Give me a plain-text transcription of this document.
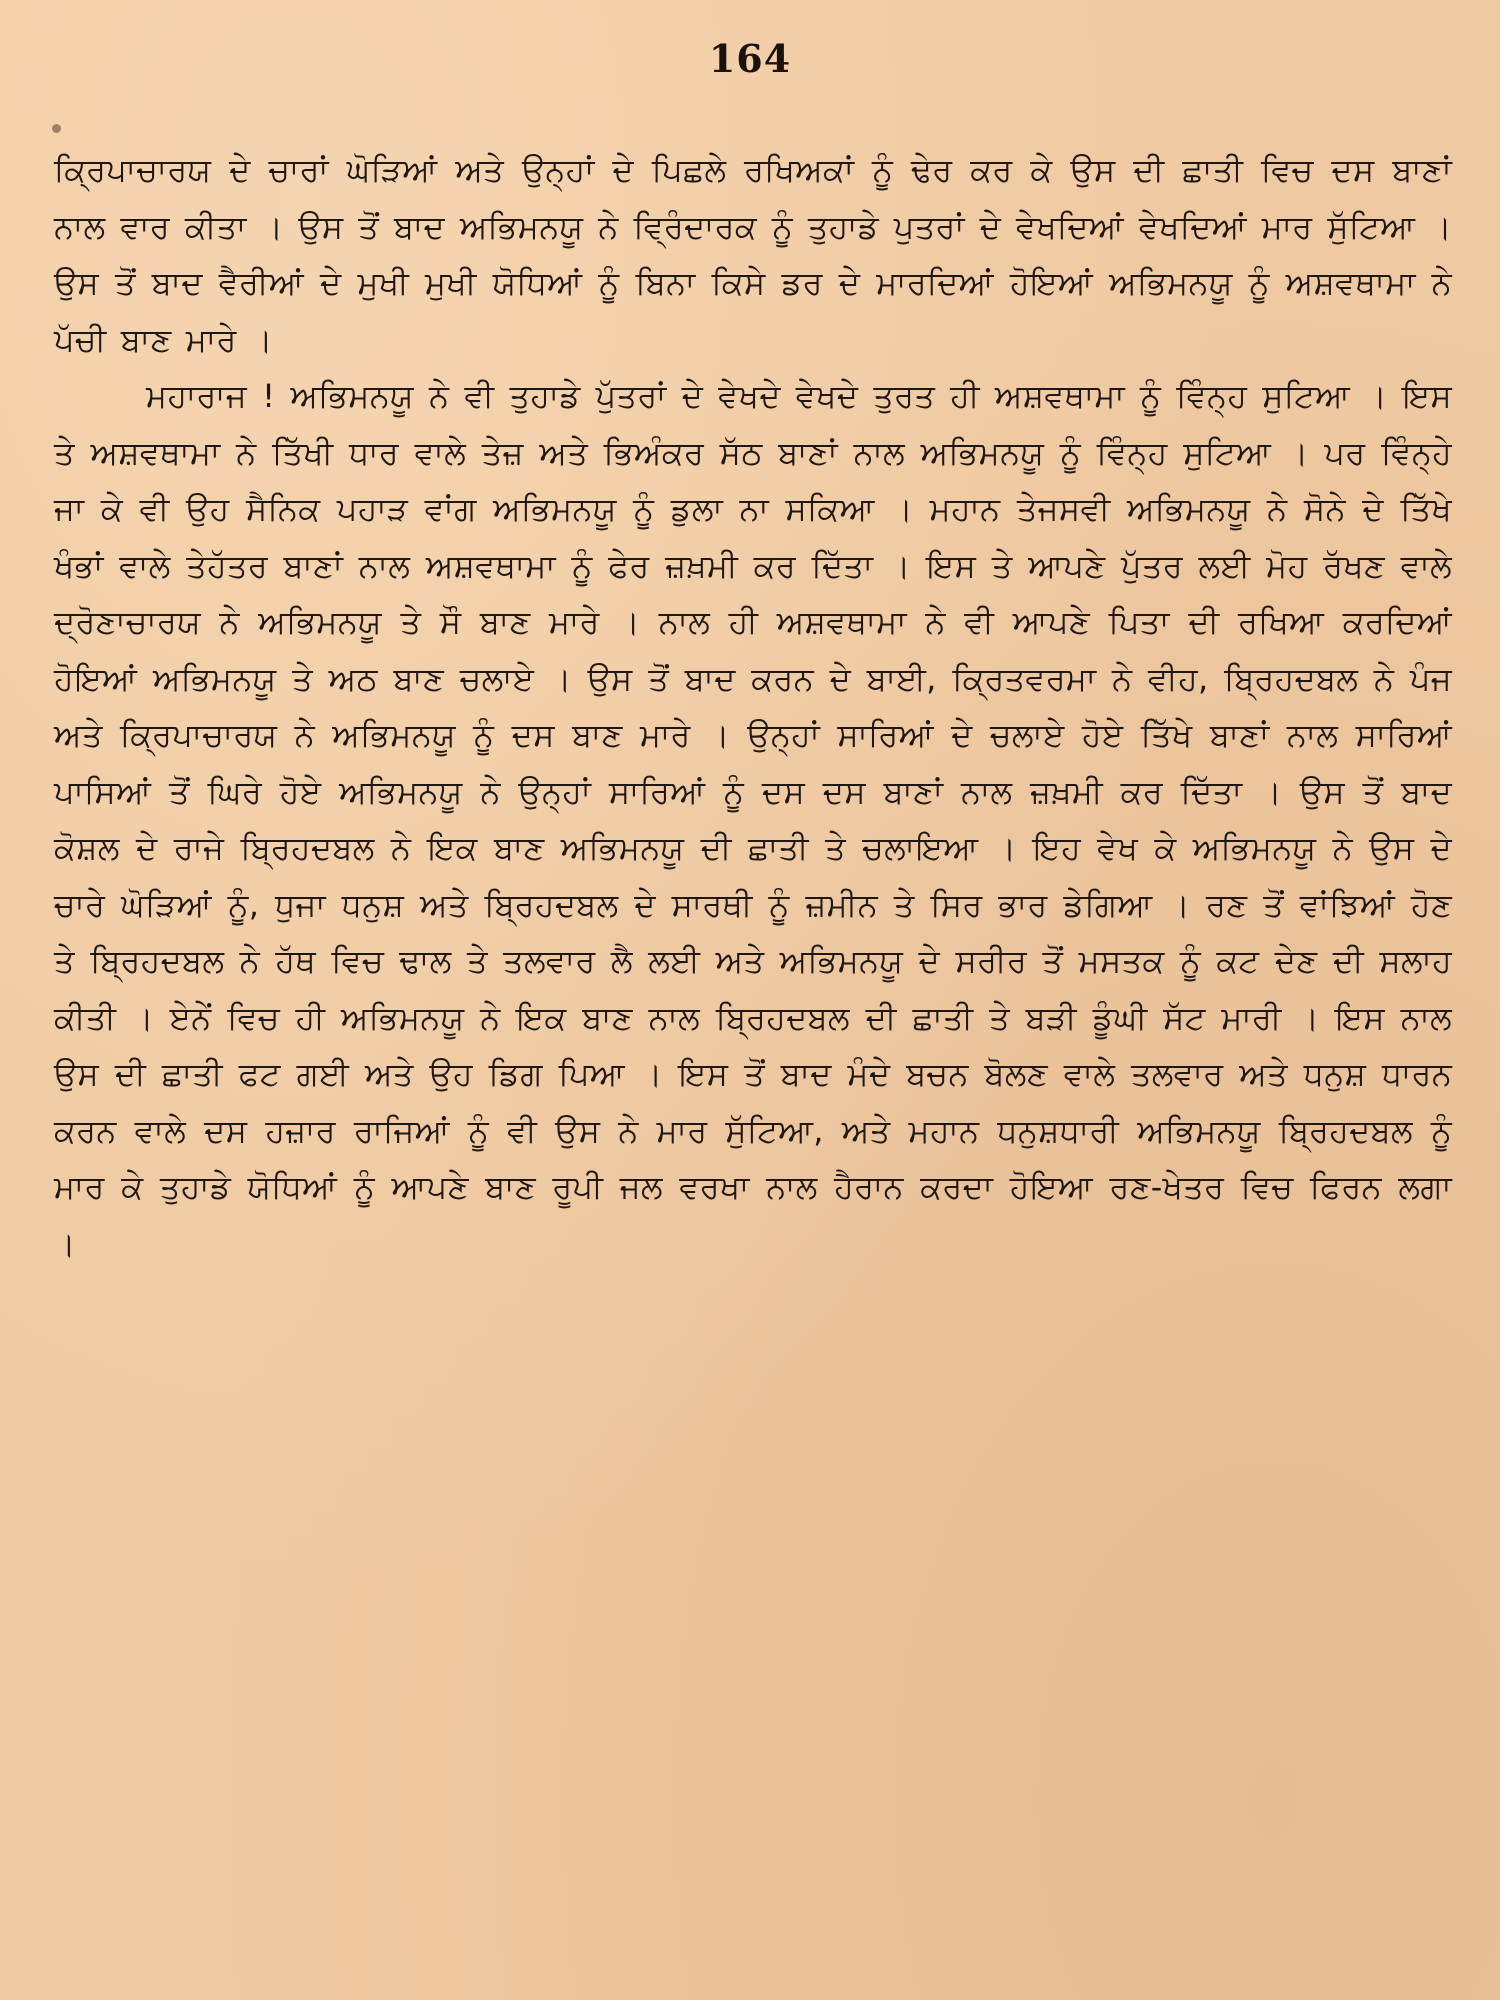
164

ਕ੍ਰਿਪਾਚਾਰਯ ਦੇ ਚਾਰਾਂ ਘੋੜਿਆਂ ਅਤੇ ਉਨ੍ਹਾਂ ਦੇ ਪਿਛਲੇ ਰਖਿਅਕਾਂ ਨੂੰ ਢੇਰ ਕਰ ਕੇ ਉਸ ਦੀ ਛਾਤੀ ਵਿਚ ਦਸ ਬਾਣਾਂ ਨਾਲ ਵਾਰ ਕੀਤਾ । ਉਸ ਤੋਂ ਬਾਦ ਅਭਿਮਨਯੂ ਨੇ ਵ੍ਰਿੰਦਾਰਕ ਨੂੰ ਤੁਹਾਡੇ ਪੁਤਰਾਂ ਦੇ ਵੇਖਦਿਆਂ ਵੇਖਦਿਆਂ ਮਾਰ ਸੁੱਟਿਆ । ਉਸ ਤੋਂ ਬਾਦ ਵੈਰੀਆਂ ਦੇ ਮੁਖੀ ਮੁਖੀ ਯੋਧਿਆਂ ਨੂੰ ਬਿਨਾ ਕਿਸੇ ਡਰ ਦੇ ਮਾਰਦਿਆਂ ਹੋਇਆਂ ਅਭਿਮਨਯੂ ਨੂੰ ਅਸ਼ਵਥਾਮਾ ਨੇ ਪੱਚੀ ਬਾਣ ਮਾਰੇ ।

ਮਹਾਰਾਜ ! ਅਭਿਮਨਯੂ ਨੇ ਵੀ ਤੁਹਾਡੇ ਪੁੱਤਰਾਂ ਦੇ ਵੇਖਦੇ ਵੇਖਦੇ ਤੁਰਤ ਹੀ ਅਸ਼ਵਥਾਮਾ ਨੂੰ ਵਿੰਨ੍ਹ ਸੁਟਿਆ । ਇਸ ਤੇ ਅਸ਼ਵਥਾਮਾ ਨੇ ਤਿੱਖੀ ਧਾਰ ਵਾਲੇ ਤੇਜ਼ ਅਤੇ ਭਿਅੰਕਰ ਸੱਠ ਬਾਣਾਂ ਨਾਲ ਅਭਿਮਨਯੂ ਨੂੰ ਵਿੰਨ੍ਹ ਸੁਟਿਆ । ਪਰ ਵਿੰਨ੍ਹੇ ਜਾ ਕੇ ਵੀ ਉਹ ਸੈਨਿਕ ਪਹਾੜ ਵਾਂਗ ਅਭਿਮਨਯੂ ਨੂੰ ਡੁਲਾ ਨਾ ਸਕਿਆ । ਮਹਾਨ ਤੇਜਸਵੀ ਅਭਿਮਨਯੂ ਨੇ ਸੋਨੇ ਦੇ ਤਿੱਖੇ ਖੰਭਾਂ ਵਾਲੇ ਤੇਹੱਤਰ ਬਾਣਾਂ ਨਾਲ ਅਸ਼ਵਥਾਮਾ ਨੂੰ ਫੇਰ ਜ਼ਖ਼ਮੀ ਕਰ ਦਿੱਤਾ । ਇਸ ਤੇ ਆਪਣੇ ਪੁੱਤਰ ਲਈ ਮੋਹ ਰੱਖਣ ਵਾਲੇ ਦ੍ਰੋਣਾਚਾਰਯ ਨੇ ਅਭਿਮਨਯੂ ਤੇ ਸੌ ਬਾਣ ਮਾਰੇ । ਨਾਲ ਹੀ ਅਸ਼ਵਥਾਮਾ ਨੇ ਵੀ ਆਪਣੇ ਪਿਤਾ ਦੀ ਰਖਿਆ ਕਰਦਿਆਂ ਹੋਇਆਂ ਅਭਿਮਨਯੂ ਤੇ ਅਠ ਬਾਣ ਚਲਾਏ । ਉਸ ਤੋਂ ਬਾਦ ਕਰਨ ਦੇ ਬਾਈ, ਕ੍ਰਿਤਵਰਮਾ ਨੇ ਵੀਹ, ਬ੍ਰਿਹਦਬਲ ਨੇ ਪੰਜ ਅਤੇ ਕ੍ਰਿਪਾਚਾਰਯ ਨੇ ਅਭਿਮਨਯੂ ਨੂੰ ਦਸ ਬਾਣ ਮਾਰੇ । ਉਨ੍ਹਾਂ ਸਾਰਿਆਂ ਦੇ ਚਲਾਏ ਹੋਏ ਤਿੱਖੇ ਬਾਣਾਂ ਨਾਲ ਸਾਰਿਆਂ ਪਾਸਿਆਂ ਤੋਂ ਘਿਰੇ ਹੋਏ ਅਭਿਮਨਯੂ ਨੇ ਉਨ੍ਹਾਂ ਸਾਰਿਆਂ ਨੂੰ ਦਸ ਦਸ ਬਾਣਾਂ ਨਾਲ ਜ਼ਖ਼ਮੀ ਕਰ ਦਿੱਤਾ । ਉਸ ਤੋਂ ਬਾਦ ਕੋਸ਼ਲ ਦੇ ਰਾਜੇ ਬ੍ਰਿਹਦਬਲ ਨੇ ਇਕ ਬਾਣ ਅਭਿਮਨਯੂ ਦੀ ਛਾਤੀ ਤੇ ਚਲਾਇਆ । ਇਹ ਵੇਖ ਕੇ ਅਭਿਮਨਯੂ ਨੇ ਉਸ ਦੇ ਚਾਰੇ ਘੋੜਿਆਂ ਨੂੰ, ਧੁਜਾ ਧਨੁਸ਼ ਅਤੇ ਬ੍ਰਿਹਦਬਲ ਦੇ ਸਾਰਥੀ ਨੂੰ ਜ਼ਮੀਨ ਤੇ ਸਿਰ ਭਾਰ ਡੇਗਿਆ । ਰਣ ਤੋਂ ਵਾਂਝਿਆਂ ਹੋਣ ਤੇ ਬ੍ਰਿਹਦਬਲ ਨੇ ਹੱਥ ਵਿਚ ਢਾਲ ਤੇ ਤਲਵਾਰ ਲੈ ਲਈ ਅਤੇ ਅਭਿਮਨਯੂ ਦੇ ਸਰੀਰ ਤੋਂ ਮਸਤਕ ਨੂੰ ਕਟ ਦੇਣ ਦੀ ਸਲਾਹ ਕੀਤੀ । ਏਨੇਂ ਵਿਚ ਹੀ ਅਭਿਮਨਯੂ ਨੇ ਇਕ ਬਾਣ ਨਾਲ ਬ੍ਰਿਹਦਬਲ ਦੀ ਛਾਤੀ ਤੇ ਬੜੀ ਡੂੰਘੀ ਸੱਟ ਮਾਰੀ । ਇਸ ਨਾਲ ਉਸ ਦੀ ਛਾਤੀ ਫਟ ਗਈ ਅਤੇ ਉਹ ਡਿਗ ਪਿਆ । ਇਸ ਤੋਂ ਬਾਦ ਮੰਦੇ ਬਚਨ ਬੋਲਣ ਵਾਲੇ ਤਲਵਾਰ ਅਤੇ ਧਨੁਸ਼ ਧਾਰਨ ਕਰਨ ਵਾਲੇ ਦਸ ਹਜ਼ਾਰ ਰਾਜਿਆਂ ਨੂੰ ਵੀ ਉਸ ਨੇ ਮਾਰ ਸੁੱਟਿਆ, ਅਤੇ ਮਹਾਨ ਧਨੁਸ਼ਧਾਰੀ ਅਭਿਮਨਯੂ ਬ੍ਰਿਹਦਬਲ ਨੂੰ ਮਾਰ ਕੇ ਤੁਹਾਡੇ ਯੋਧਿਆਂ ਨੂੰ ਆਪਣੇ ਬਾਣ ਰੂਪੀ ਜਲ ਵਰਖਾ ਨਾਲ ਹੈਰਾਨ ਕਰਦਾ ਹੋਇਆ ਰਣ-ਖੇਤਰ ਵਿਚ ਫਿਰਨ ਲਗਾ ।
